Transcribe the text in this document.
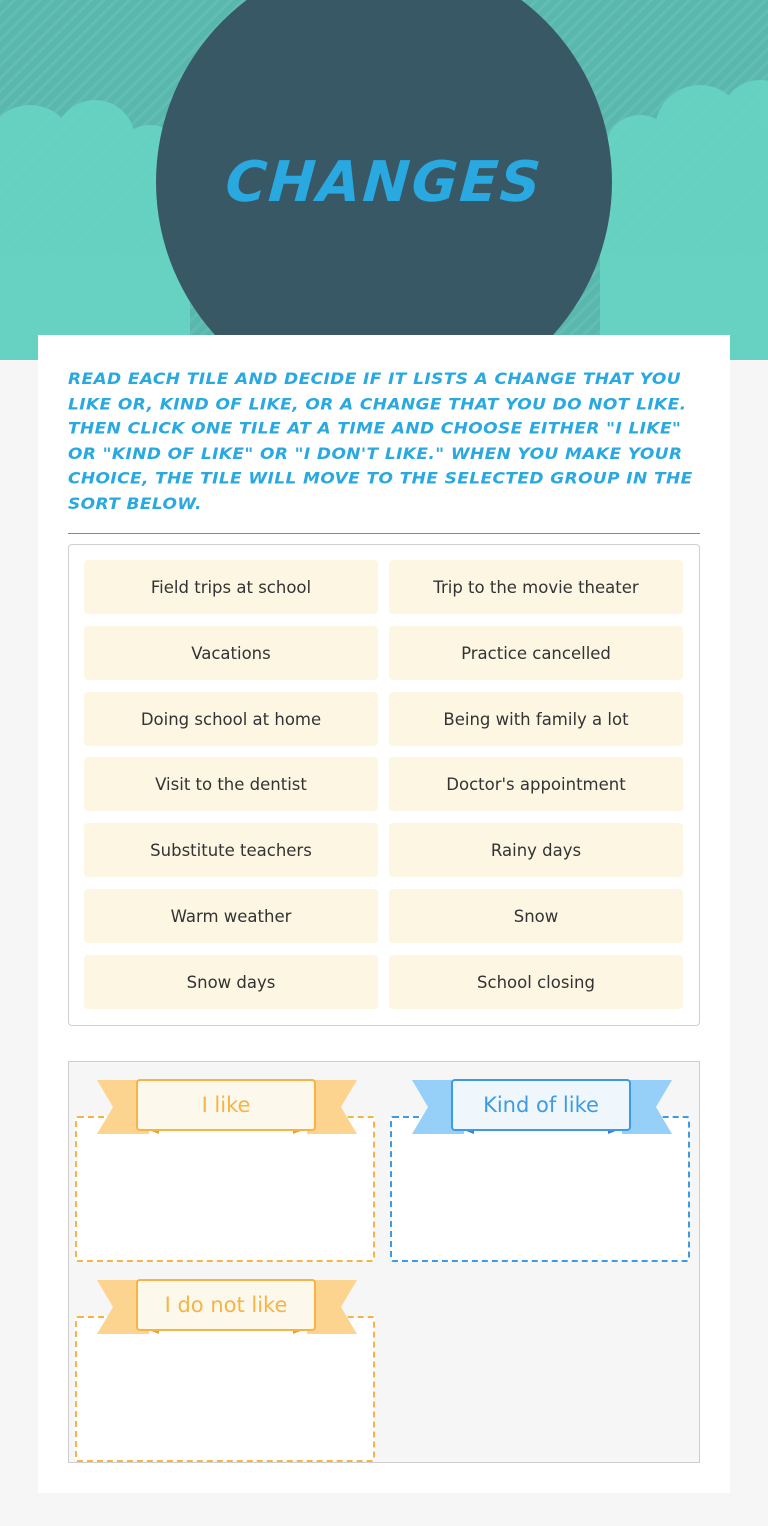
CHANGES
READ EACH TILE AND DECIDE IF IT LISTS A CHANGE THAT YOU LIKE OR, KIND OF LIKE, OR A CHANGE THAT YOU DO NOT LIKE. THEN CLICK ONE TILE AT A TIME AND CHOOSE EITHER "I LIKE" OR "KIND OF LIKE" OR "I DON'T LIKE." WHEN YOU MAKE YOUR CHOICE, THE TILE WILL MOVE TO THE SELECTED GROUP IN THE SORT BELOW.
Field trips at school	Trip to the movie theater
Vacations	Practice cancelled
Doing school at home	Being with family a lot
Visit to the dentist	Doctor's appointment
Substitute teachers	Rainy days
Warm weather	Snow
Snow days	School closing
I like	Kind of like
I do not like
